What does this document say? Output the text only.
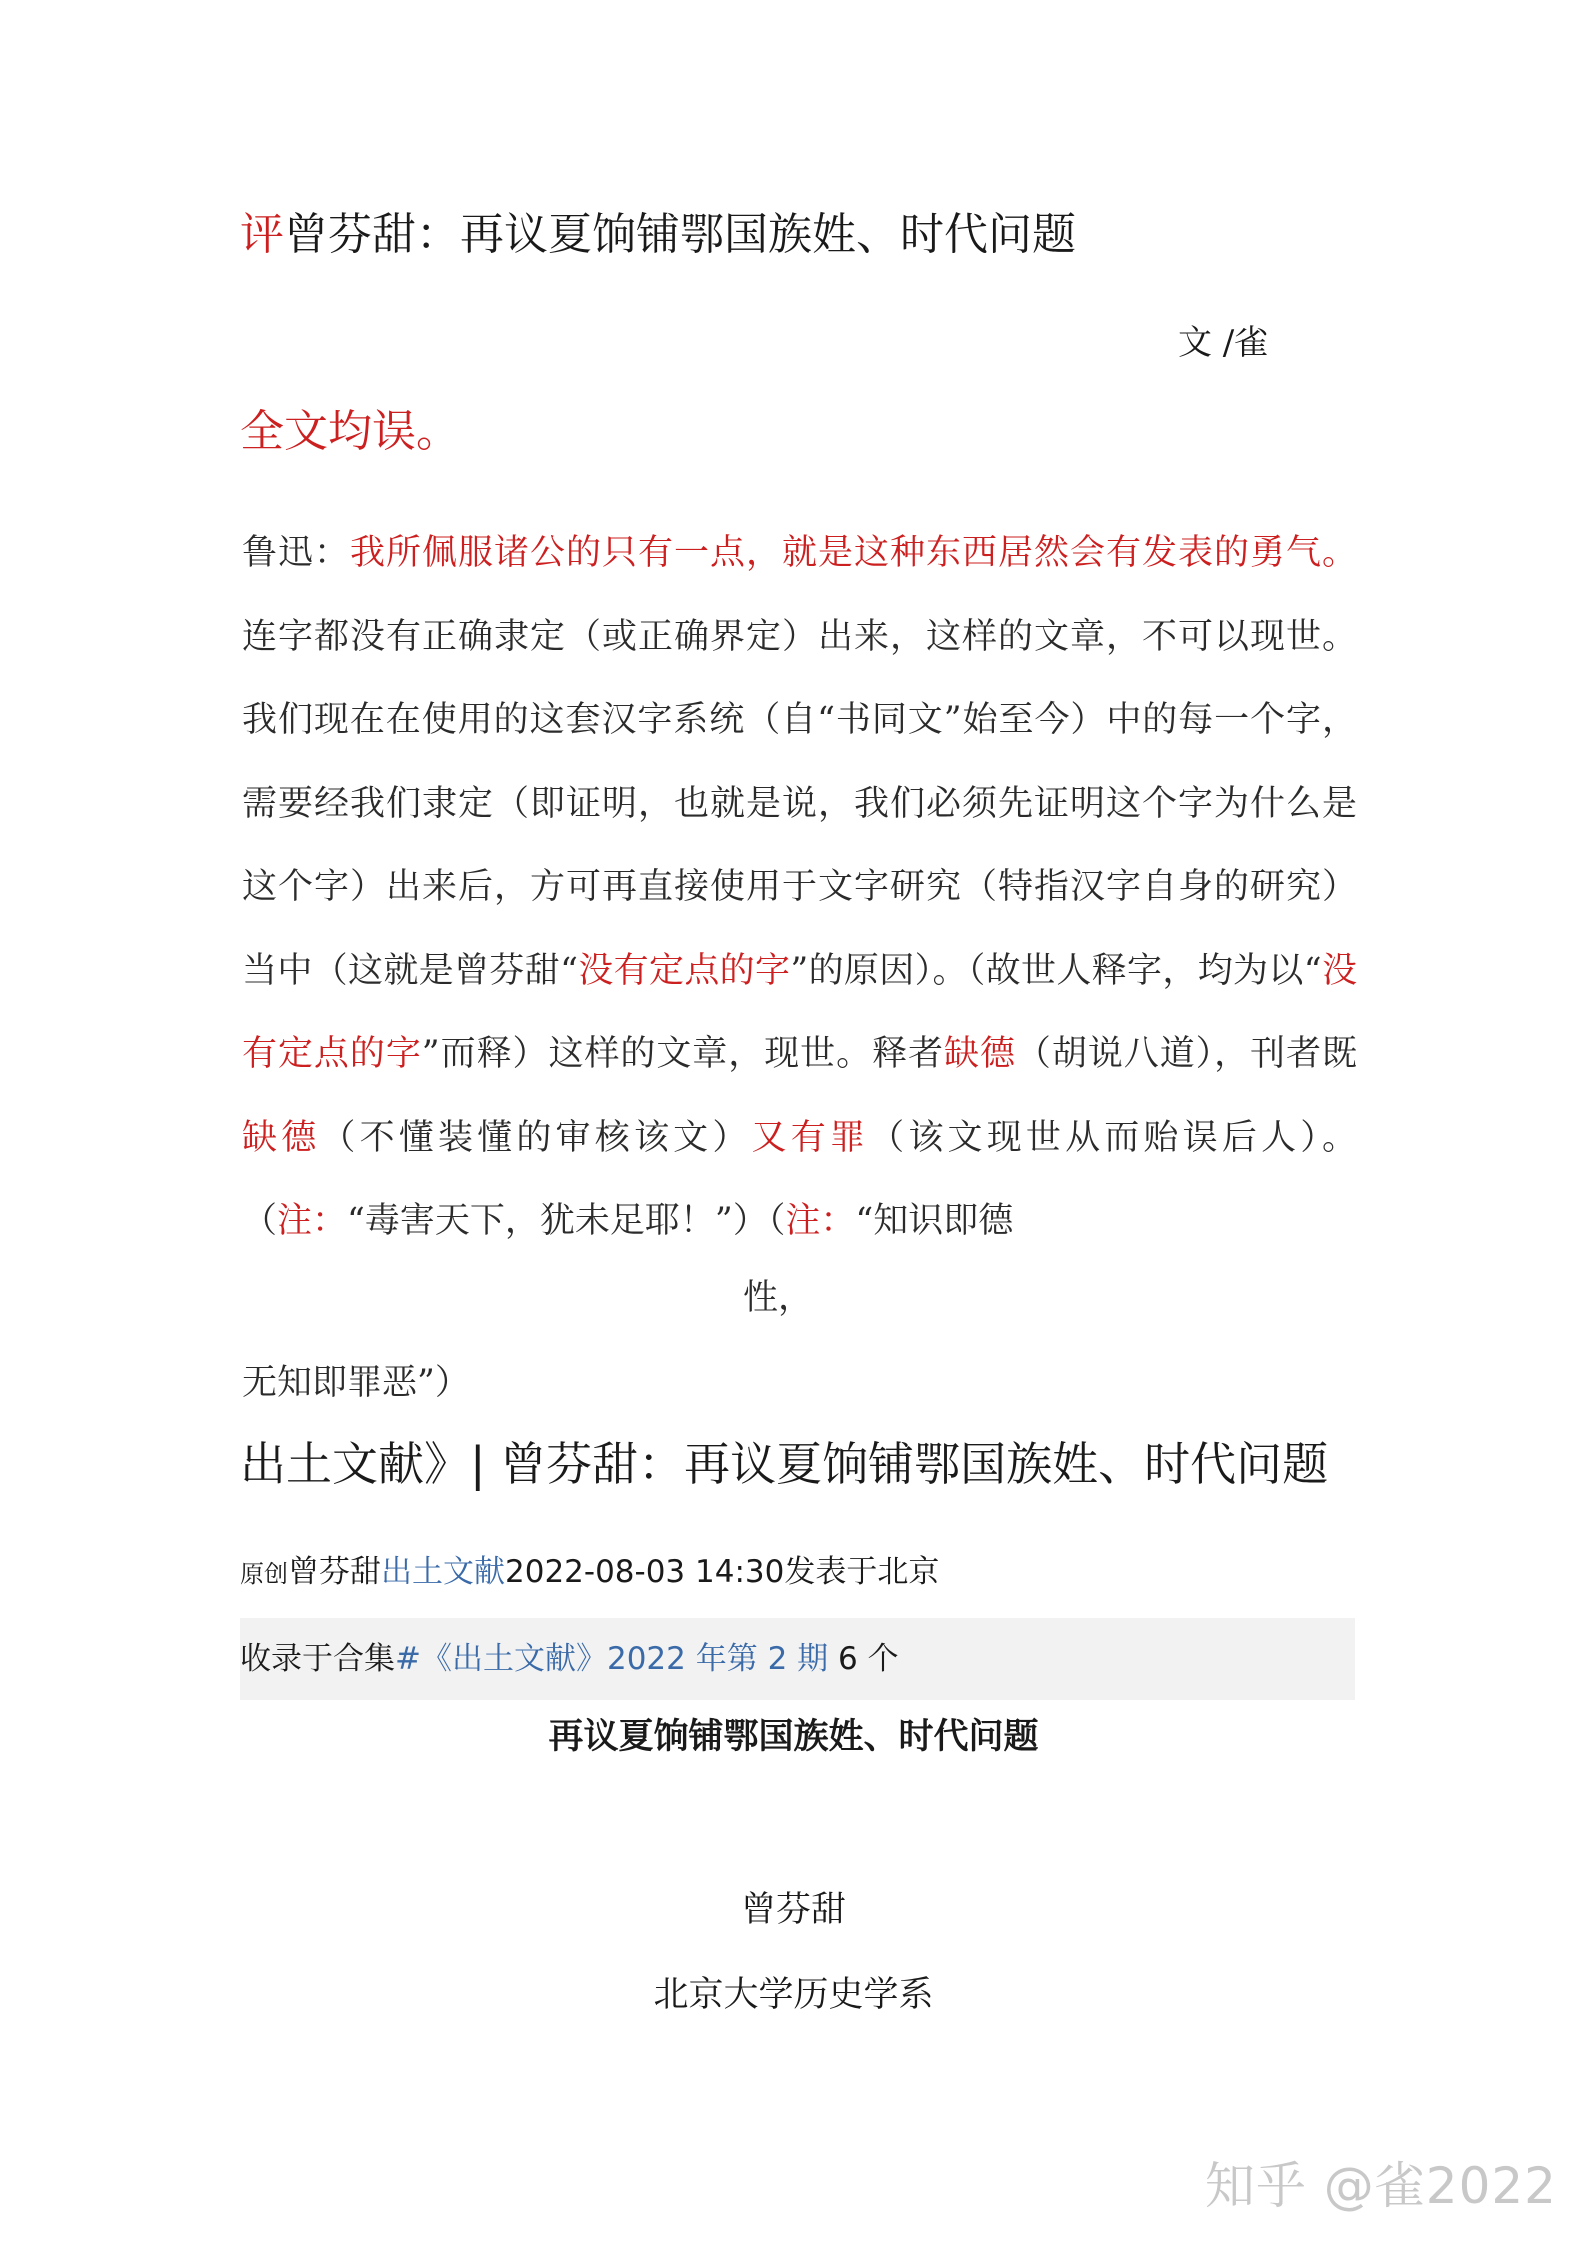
评曾芬甜：再议夏饷铺鄂国族姓、时代问题
文 /雀
全文均误。

鲁迅：我所佩服诸公的只有一点，就是这种东西居然会有发表的勇气。连字都没有正确隶定（或正确界定）出来，这样的文章，不可以现世。我们现在在使用的这套汉字系统（自“书同文”始至今）中的每一个字，需要经我们隶定（即证明，也就是说，我们必须先证明这个字为什么是这个字）出来后，方可再直接使用于文字研究（特指汉字自身的研究）当中（这就是曾芬甜“没有定点的字”的原因）。（故世人释字，均为以“没有定点的字”而释）这样的文章，现世。释者缺德（胡说八道），刊者既缺德（不懂装懂的审核该文）又有罪（该文现世从而贻误后人）。（注：“毒害天下，犹未足耶！”）（注：“知识即德

性，
无知即罪恶”）
出土文献》| 曾芬甜：再议夏饷铺鄂国族姓、时代问题
原创曾芬甜出土文献2022-08-03 14:30发表于北京
收录于合集#《出土文献》2022 年第 2 期 6 个
再议夏饷铺鄂国族姓、时代问题
曾芬甜
北京大学历史学系
知乎 @雀2022
